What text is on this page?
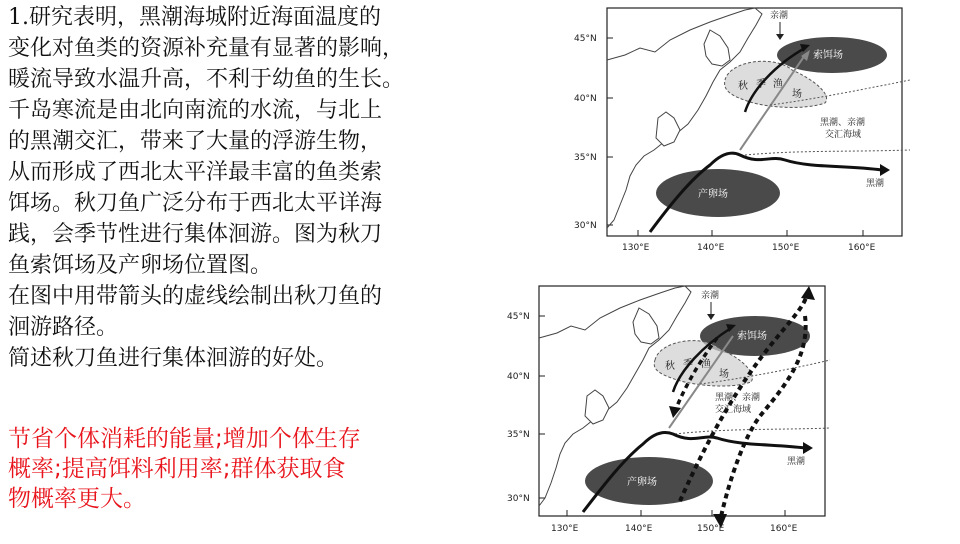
1.研究表明，黑潮海城附近海面温度的
变化对鱼类的资源补充量有显著的影响，
暖流导致水温升高，不利于幼鱼的生长。
千岛寒流是由北向南流的水流，与北上
的黑潮交汇，带来了大量的浮游生物，
从而形成了西北太平洋最丰富的鱼类索
饵场。秋刀鱼广泛分布于西北太平详海
践，会季节性进行集体洄游。图为秋刀
鱼索饵场及产卵场位置图。
在图中用带箭头的虚线绘制出秋刀鱼的
洄游路径。
简述秋刀鱼进行集体洄游的好处。
节省个体消耗的能量;增加个体生存
概率;提高饵料利用率;群体获取食
物概率更大。
45°N
40°N
35°N
30°N
130°E	140°E	150°E	160°E
索饵场
秋 季 渔
场
亲潮
黑潮、亲潮
交汇海域
产卵场
黑潮
45°N
40°N
35°N
30°N
130°E	140°E	150°E	160°E
索饵场
秋 季 渔
场
亲潮
黑潮、亲潮
交汇海域
产卵场
黑潮
